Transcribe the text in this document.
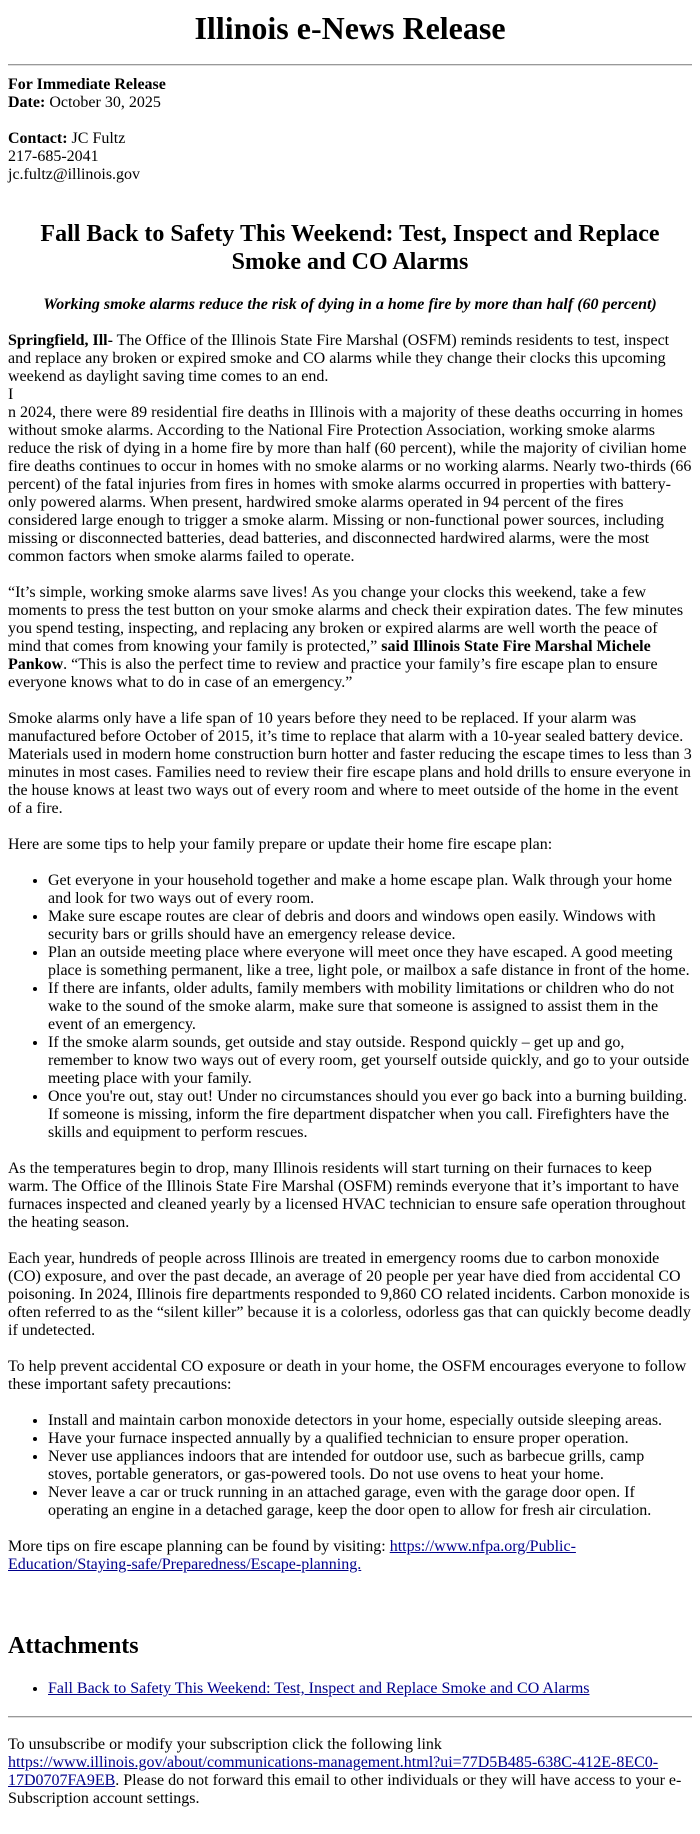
Illinois e-News Release

For Immediate Release
Date: October 30, 2025

Contact: JC Fultz
217-685-2041
jc.fultz@illinois.gov

Fall Back to Safety This Weekend: Test, Inspect and Replace Smoke and CO Alarms

Working smoke alarms reduce the risk of dying in a home fire by more than half (60 percent)

Springfield, Ill- The Office of the Illinois State Fire Marshal (OSFM) reminds residents to test, inspect and replace any broken or expired smoke and CO alarms while they change their clocks this upcoming weekend as daylight saving time comes to an end.
I
n 2024, there were 89 residential fire deaths in Illinois with a majority of these deaths occurring in homes without smoke alarms. According to the National Fire Protection Association, working smoke alarms reduce the risk of dying in a home fire by more than half (60 percent), while the majority of civilian home fire deaths continues to occur in homes with no smoke alarms or no working alarms. Nearly two-thirds (66 percent) of the fatal injuries from fires in homes with smoke alarms occurred in properties with battery-only powered alarms. When present, hardwired smoke alarms operated in 94 percent of the fires considered large enough to trigger a smoke alarm. Missing or non-functional power sources, including missing or disconnected batteries, dead batteries, and disconnected hardwired alarms, were the most common factors when smoke alarms failed to operate.

“It’s simple, working smoke alarms save lives! As you change your clocks this weekend, take a few moments to press the test button on your smoke alarms and check their expiration dates. The few minutes you spend testing, inspecting, and replacing any broken or expired alarms are well worth the peace of mind that comes from knowing your family is protected,” said Illinois State Fire Marshal Michele Pankow. “This is also the perfect time to review and practice your family’s fire escape plan to ensure everyone knows what to do in case of an emergency.”

Smoke alarms only have a life span of 10 years before they need to be replaced. If your alarm was manufactured before October of 2015, it’s time to replace that alarm with a 10-year sealed battery device. Materials used in modern home construction burn hotter and faster reducing the escape times to less than 3 minutes in most cases. Families need to review their fire escape plans and hold drills to ensure everyone in the house knows at least two ways out of every room and where to meet outside of the home in the event of a fire.

Here are some tips to help your family prepare or update their home fire escape plan:

• Get everyone in your household together and make a home escape plan. Walk through your home and look for two ways out of every room.
• Make sure escape routes are clear of debris and doors and windows open easily. Windows with security bars or grills should have an emergency release device.
• Plan an outside meeting place where everyone will meet once they have escaped. A good meeting place is something permanent, like a tree, light pole, or mailbox a safe distance in front of the home.
• If there are infants, older adults, family members with mobility limitations or children who do not wake to the sound of the smoke alarm, make sure that someone is assigned to assist them in the event of an emergency.
• If the smoke alarm sounds, get outside and stay outside. Respond quickly – get up and go, remember to know two ways out of every room, get yourself outside quickly, and go to your outside meeting place with your family.
• Once you're out, stay out! Under no circumstances should you ever go back into a burning building. If someone is missing, inform the fire department dispatcher when you call. Firefighters have the skills and equipment to perform rescues.

As the temperatures begin to drop, many Illinois residents will start turning on their furnaces to keep warm. The Office of the Illinois State Fire Marshal (OSFM) reminds everyone that it’s important to have furnaces inspected and cleaned yearly by a licensed HVAC technician to ensure safe operation throughout the heating season.

Each year, hundreds of people across Illinois are treated in emergency rooms due to carbon monoxide (CO) exposure, and over the past decade, an average of 20 people per year have died from accidental CO poisoning. In 2024, Illinois fire departments responded to 9,860 CO related incidents. Carbon monoxide is often referred to as the “silent killer” because it is a colorless, odorless gas that can quickly become deadly if undetected.

To help prevent accidental CO exposure or death in your home, the OSFM encourages everyone to follow these important safety precautions:

• Install and maintain carbon monoxide detectors in your home, especially outside sleeping areas.
• Have your furnace inspected annually by a qualified technician to ensure proper operation.
• Never use appliances indoors that are intended for outdoor use, such as barbecue grills, camp stoves, portable generators, or gas-powered tools. Do not use ovens to heat your home.
• Never leave a car or truck running in an attached garage, even with the garage door open. If operating an engine in a detached garage, keep the door open to allow for fresh air circulation.

More tips on fire escape planning can be found by visiting: https://www.nfpa.org/Public-Education/Staying-safe/Preparedness/Escape-planning.

Attachments
• Fall Back to Safety This Weekend: Test, Inspect and Replace Smoke and CO Alarms

To unsubscribe or modify your subscription click the following link
https://www.illinois.gov/about/communications-management.html?ui=77D5B485-638C-412E-8EC0-17D0707FA9EB. Please do not forward this email to other individuals or they will have access to your e-Subscription account settings.
